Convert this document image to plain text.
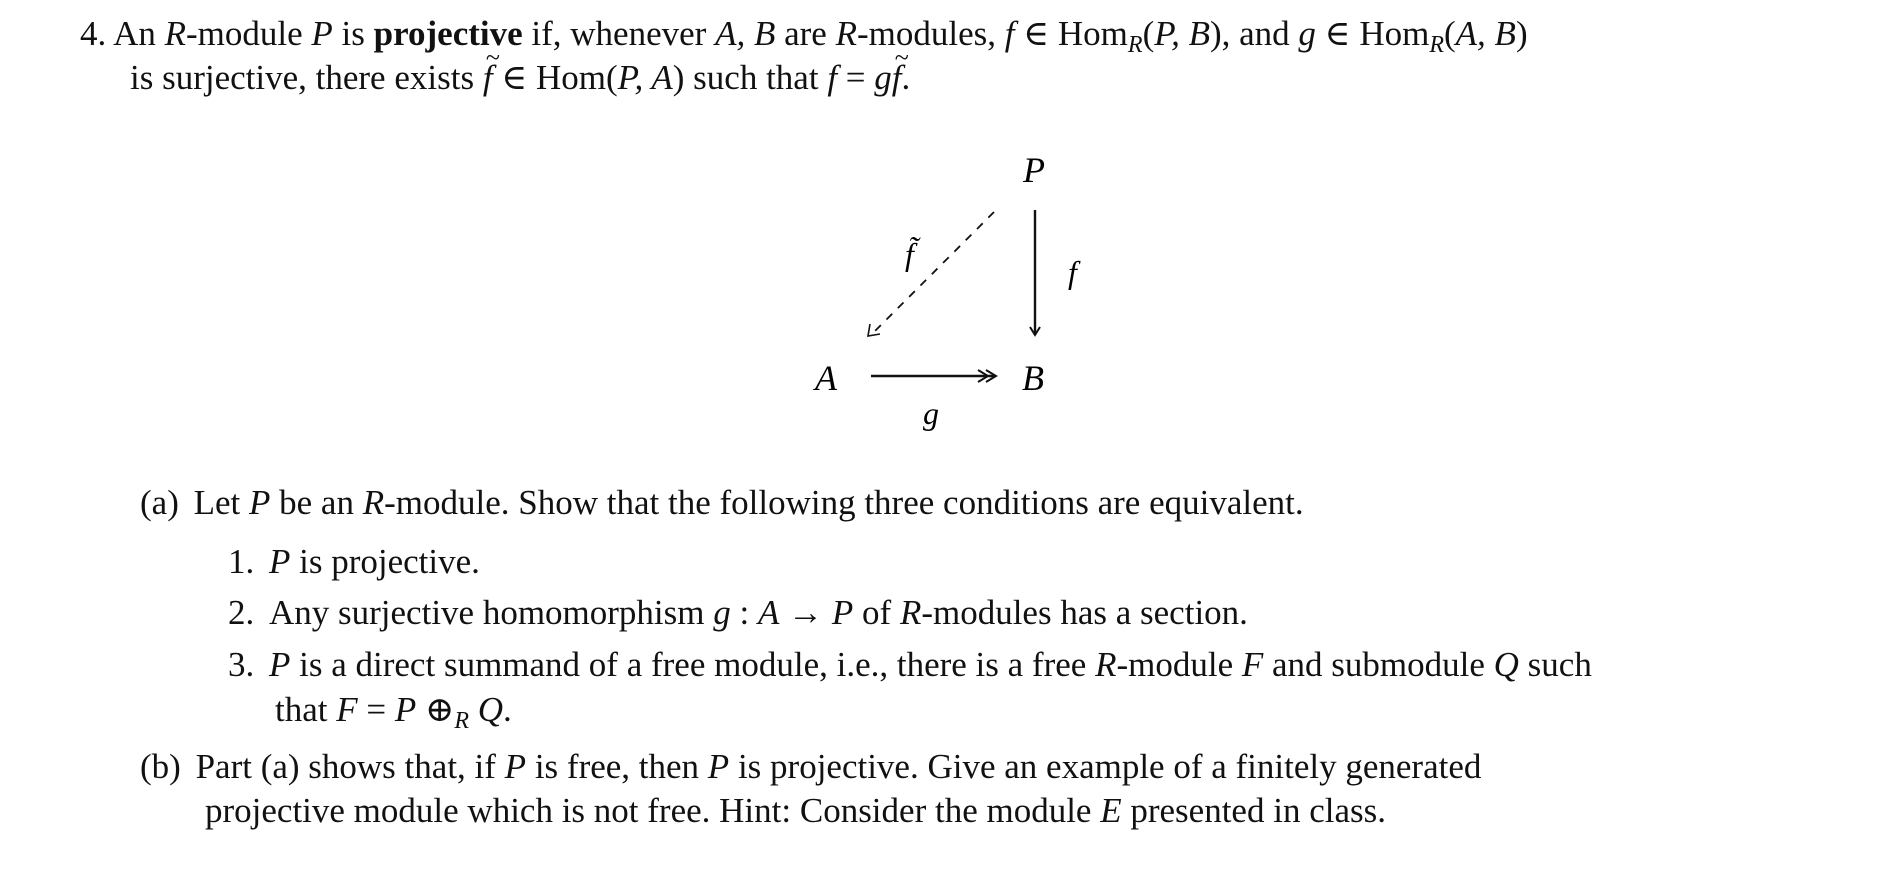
4. An R-module P is projective if, whenever A, B are R-modules, f ∈ Hom$_R$(P, B), and g ∈ Hom$_R$(A, B)
is surjective, there exists ~ f ∈ Hom(P, A) such that f = g~ f.
P
A	B
f
g
f̃
(a) Let P be an R-module. Show that the following three conditions are equivalent.
1. P is projective.
2. Any surjective homomorphism g : A → P of R-modules has a section.
3. P is a direct summand of a free module, i.e., there is a free R-module F and submodule Q such
that F = P $\oplus_R$ Q.
(b) Part (a) shows that, if P is free, then P is projective. Give an example of a finitely generated
projective module which is not free. Hint: Consider the module E presented in class.
